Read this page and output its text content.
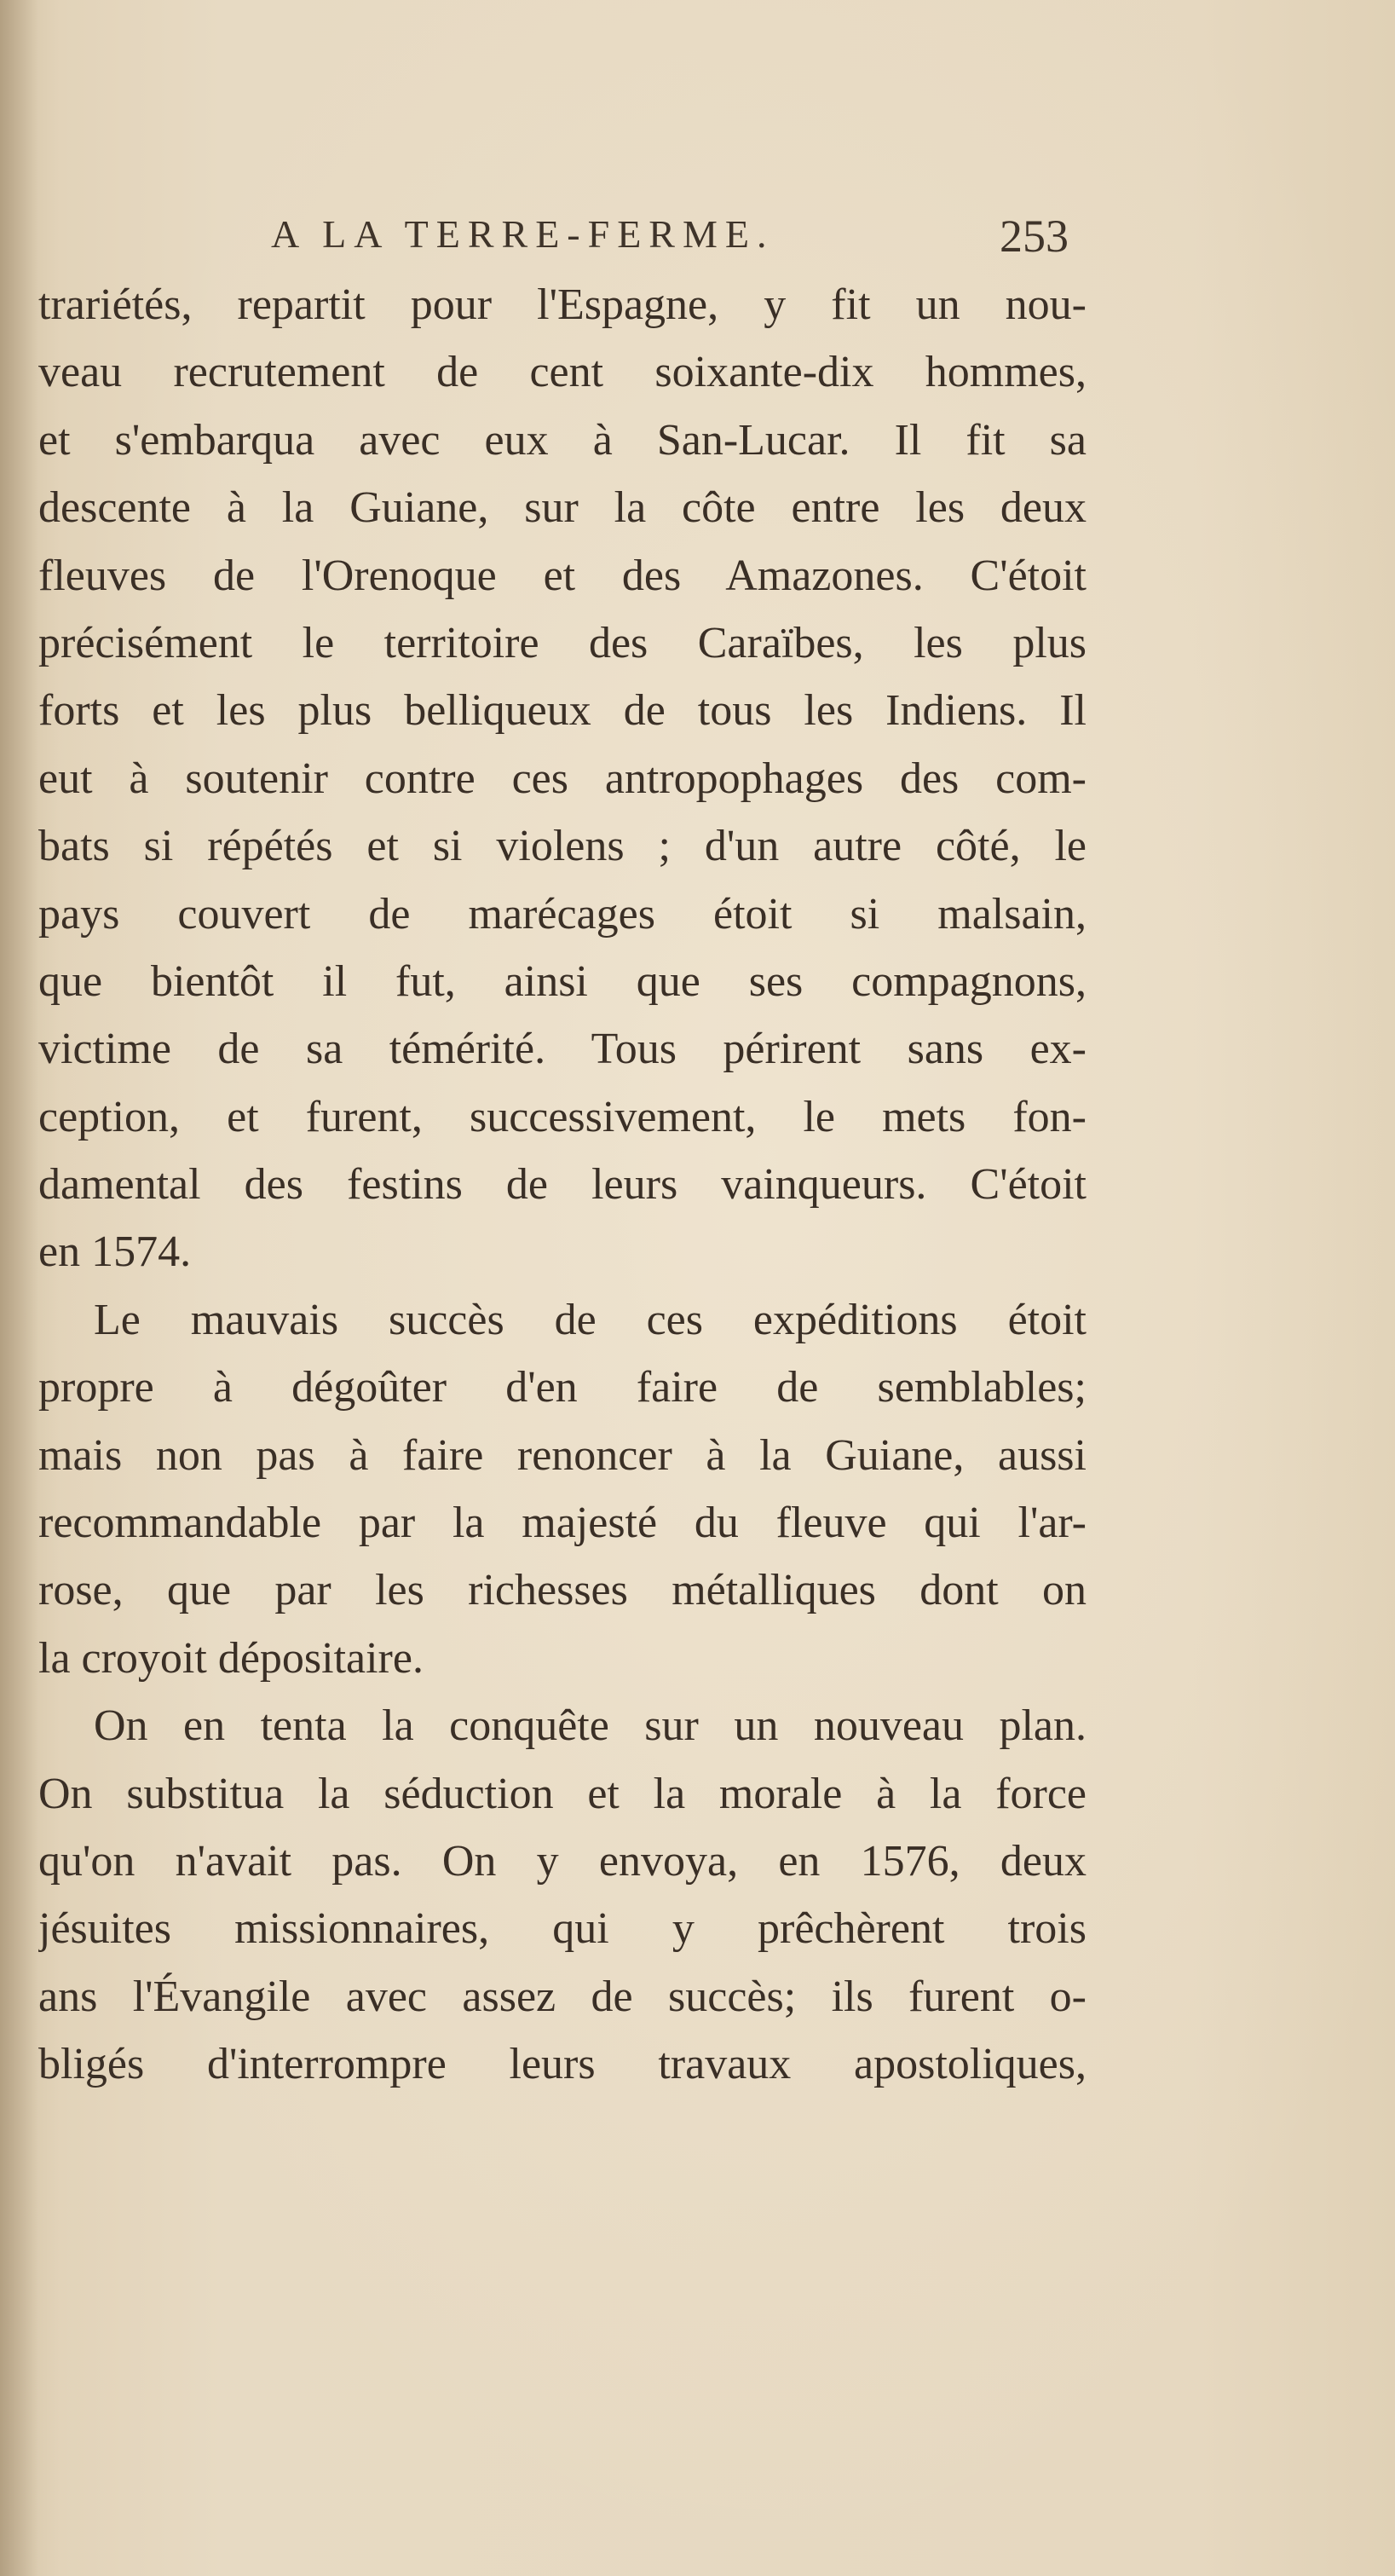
A LA TERRE-FERME.	253
trariétés, repartit pour l'Espagne, y fit un nou-
veau recrutement de cent soixante-dix hommes,
et s'embarqua avec eux à San-Lucar. Il fit sa
descente à la Guiane, sur la côte entre les deux
fleuves de l'Orenoque et des Amazones. C'étoit
précisément le territoire des Caraïbes, les plus
forts et les plus belliqueux de tous les Indiens. Il
eut à soutenir contre ces antropophages des com-
bats si répétés et si violens ; d'un autre côté, le
pays couvert de marécages étoit si malsain,
que bientôt il fut, ainsi que ses compagnons,
victime de sa témérité. Tous périrent sans ex-
ception, et furent, successivement, le mets fon-
damental des festins de leurs vainqueurs. C'étoit
en 1574.
Le mauvais succès de ces expéditions étoit
propre à dégoûter d'en faire de semblables;
mais non pas à faire renoncer à la Guiane, aussi
recommandable par la majesté du fleuve qui l'ar-
rose, que par les richesses métalliques dont on
la croyoit dépositaire.
On en tenta la conquête sur un nouveau plan.
On substitua la séduction et la morale à la force
qu'on n'avait pas. On y envoya, en 1576, deux
jésuites missionnaires, qui y prêchèrent trois
ans l'Évangile avec assez de succès; ils furent o-
bligés d'interrompre leurs travaux apostoliques,
